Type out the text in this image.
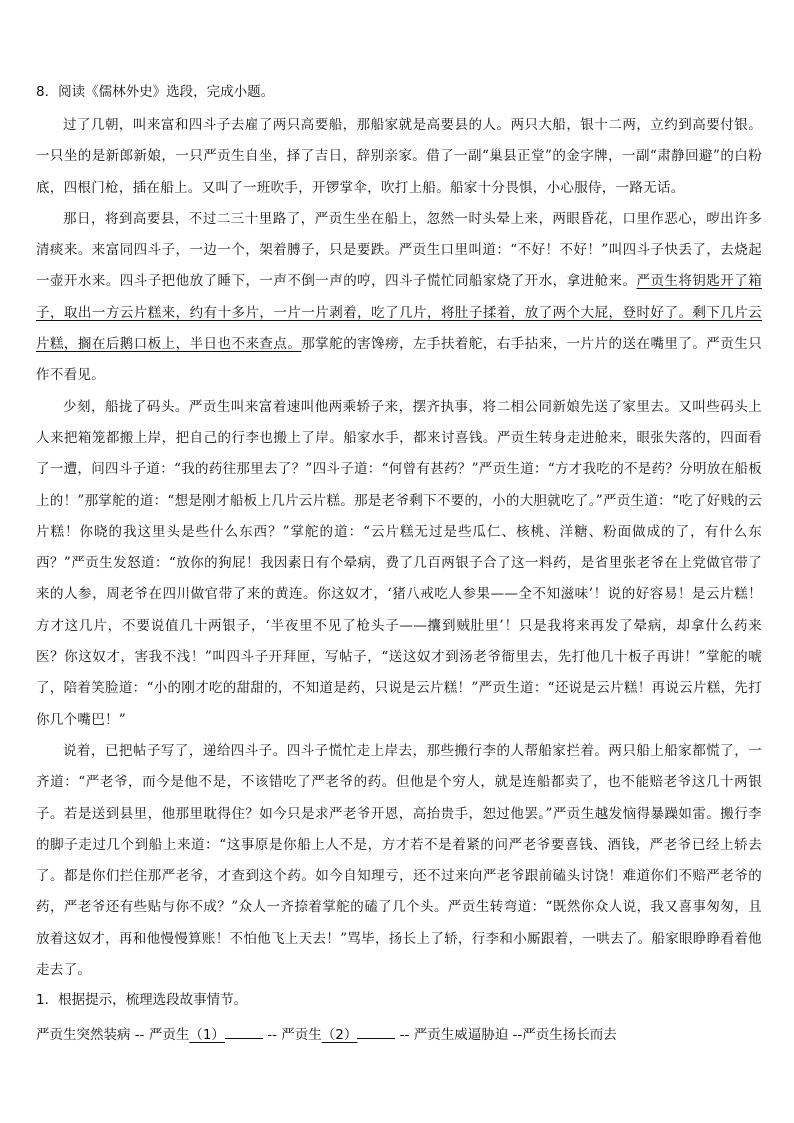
8．阅读《儒林外史》选段，完成小题。

过了几朝，叫来富和四斗子去雇了两只高要船，那船家就是高要县的人。两只大船，银十二两，立约到高要付银。一只坐的是新郎新娘，一只严贡生自坐，择了吉日，辞别亲家。借了一副“巢县正堂”的金字牌，一副“肃静回避”的白粉底，四根门枪，插在船上。又叫了一班吹手，开锣掌伞，吹打上船。船家十分畏惧，小心服侍，一路无话。

那日，将到高要县，不过二三十里路了，严贡生坐在船上，忽然一时头晕上来，两眼昏花，口里作恶心，哕出许多清痰来。来富同四斗子，一边一个，架着膊子，只是要跌。严贡生口里叫道：“不好！不好！”叫四斗子快丢了，去烧起一壶开水来。四斗子把他放了睡下，一声不倒一声的哼，四斗子慌忙同船家烧了开水，拿进舱来。严贡生将钥匙开了箱子，取出一方云片糕来，约有十多片，一片一片剥着，吃了几片，将肚子揉着，放了两个大屁，登时好了。剩下几片云片糕，搁在后鹅口板上，半日也不来查点。那掌舵的害馋痨，左手扶着舵，右手拈来，一片片的送在嘴里了。严贡生只作不看见。

少刻，船拢了码头。严贡生叫来富着速叫他两乘轿子来，摆齐执事，将二相公同新娘先送了家里去。又叫些码头上人来把箱笼都搬上岸，把自己的行李也搬上了岸。船家水手，都来讨喜钱。严贡生转身走进舱来，眼张失落的，四面看了一遭，问四斗子道：“我的药往那里去了？”四斗子道：“何曾有甚药？”严贡生道：“方才我吃的不是药？分明放在船板上的！”那掌舵的道：“想是刚才船板上几片云片糕。那是老爷剩下不要的，小的大胆就吃了。”严贡生道：“吃了好贱的云片糕！你晓的我这里头是些什么东西？”掌舵的道：“云片糕无过是些瓜仁、核桃、洋糖、粉面做成的了，有什么东西？”严贡生发怒道：“放你的狗屁！我因素日有个晕病，费了几百两银子合了这一料药，是省里张老爷在上党做官带了来的人参，周老爷在四川做官带了来的黄连。你这奴才，‘猪八戒吃人参果——全不知滋味’！说的好容易！是云片糕！方才这几片，不要说值几十两银子，‘半夜里不见了枪头子——攮到贼肚里’！只是我将来再发了晕病，却拿什么药来医？你这奴才，害我不浅！”叫四斗子开拜匣，写帖子，“送这奴才到汤老爷衙里去，先打他几十板子再讲！”掌舵的唬了，陪着笑脸道：“小的刚才吃的甜甜的，不知道是药，只说是云片糕！”严贡生道：“还说是云片糕！再说云片糕，先打你几个嘴巴！”

说着，已把帖子写了，递给四斗子。四斗子慌忙走上岸去，那些搬行李的人帮船家拦着。两只船上船家都慌了，一齐道：“严老爷，而今是他不是，不该错吃了严老爷的药。但他是个穷人，就是连船都卖了，也不能赔老爷这几十两银子。若是送到县里，他那里耽得住？如今只是求严老爷开恩，高抬贵手，恕过他罢。”严贡生越发恼得暴躁如雷。搬行李的脚子走过几个到船上来道：“这事原是你船上人不是，方才若不是着紧的问严老爷要喜钱、酒钱，严老爷已经上轿去了。都是你们拦住那严老爷，才查到这个药。如今自知理亏，还不过来向严老爷跟前磕头讨饶！难道你们不赔严老爷的药，严老爷还有些贴与你不成？”众人一齐捺着掌舵的磕了几个头。严贡生转弯道：“既然你众人说，我又喜事匆匆，且放着这奴才，再和他慢慢算账！不怕他飞上天去！”骂毕，扬长上了轿，行李和小厮跟着，一哄去了。船家眼睁睁看着他走去了。

1．根据提示，梳理选段故事情节。
严贡生突然装病 -- 严贡生（1）	-- 严贡生（2）	-- 严贡生威逼胁迫 --严贡生扬长而去
